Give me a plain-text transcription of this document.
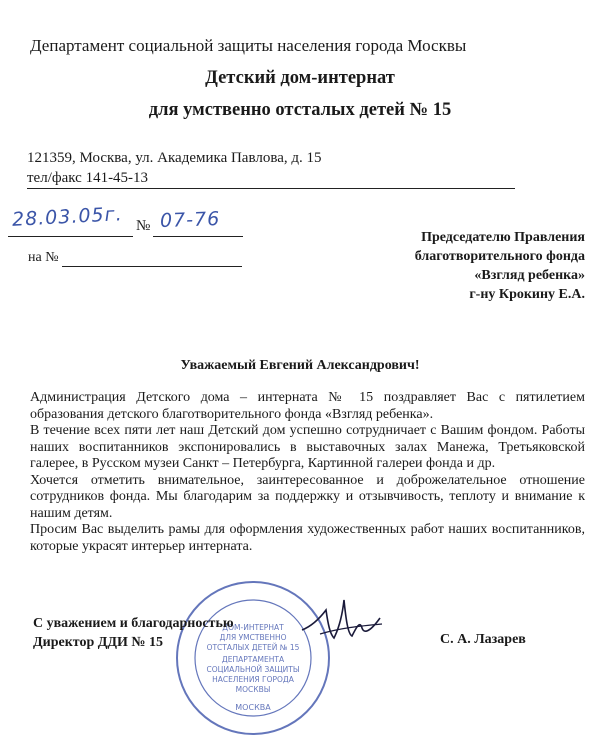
Департамент социальной защиты населения города Москвы
Детский дом-интернат
для умственно отсталых детей № 15
121359, Москва, ул. Академика Павлова, д. 15
тел/факс 141-45-13
28.03.05г. № 07-76
на №
Председателю Правления
благотворительного фонда
«Взгляд ребенка»
г-ну Крокину Е.А.
Уважаемый Евгений Александрович!

Администрация Детского дома – интерната № 15 поздравляет Вас с пятилетием образования детского благотворительного фонда «Взгляд ребенка».

В течение всех пяти лет наш Детский дом успешно сотрудничает с Вашим фондом. Работы наших воспитанников экспонировались в выставочных залах Манежа, Третьяковской галерее, в Русском музеи Санкт – Петербурга, Картинной галереи фонда и др.

Хочется отметить внимательное, заинтересованное и доброжелательное отношение сотрудников фонда. Мы благодарим за поддержку и отзывчивость, теплоту и внимание к нашим детям.

Просим Вас выделить рамы для оформления художественных работ наших воспитанников, которые украсят интерьер интерната.

ДОМ-ИНТЕРНАТ
ДЛЯ УМСТВЕННО
ОТСТАЛЫХ ДЕТЕЙ № 15
ДЕПАРТАМЕНТА
СОЦИАЛЬНОЙ ЗАЩИТЫ
НАСЕЛЕНИЯ ГОРОДА
МОСКВЫ
МОСКВА
С уважением и благодарностью
Директор ДДИ № 15	С. А. Лазарев
